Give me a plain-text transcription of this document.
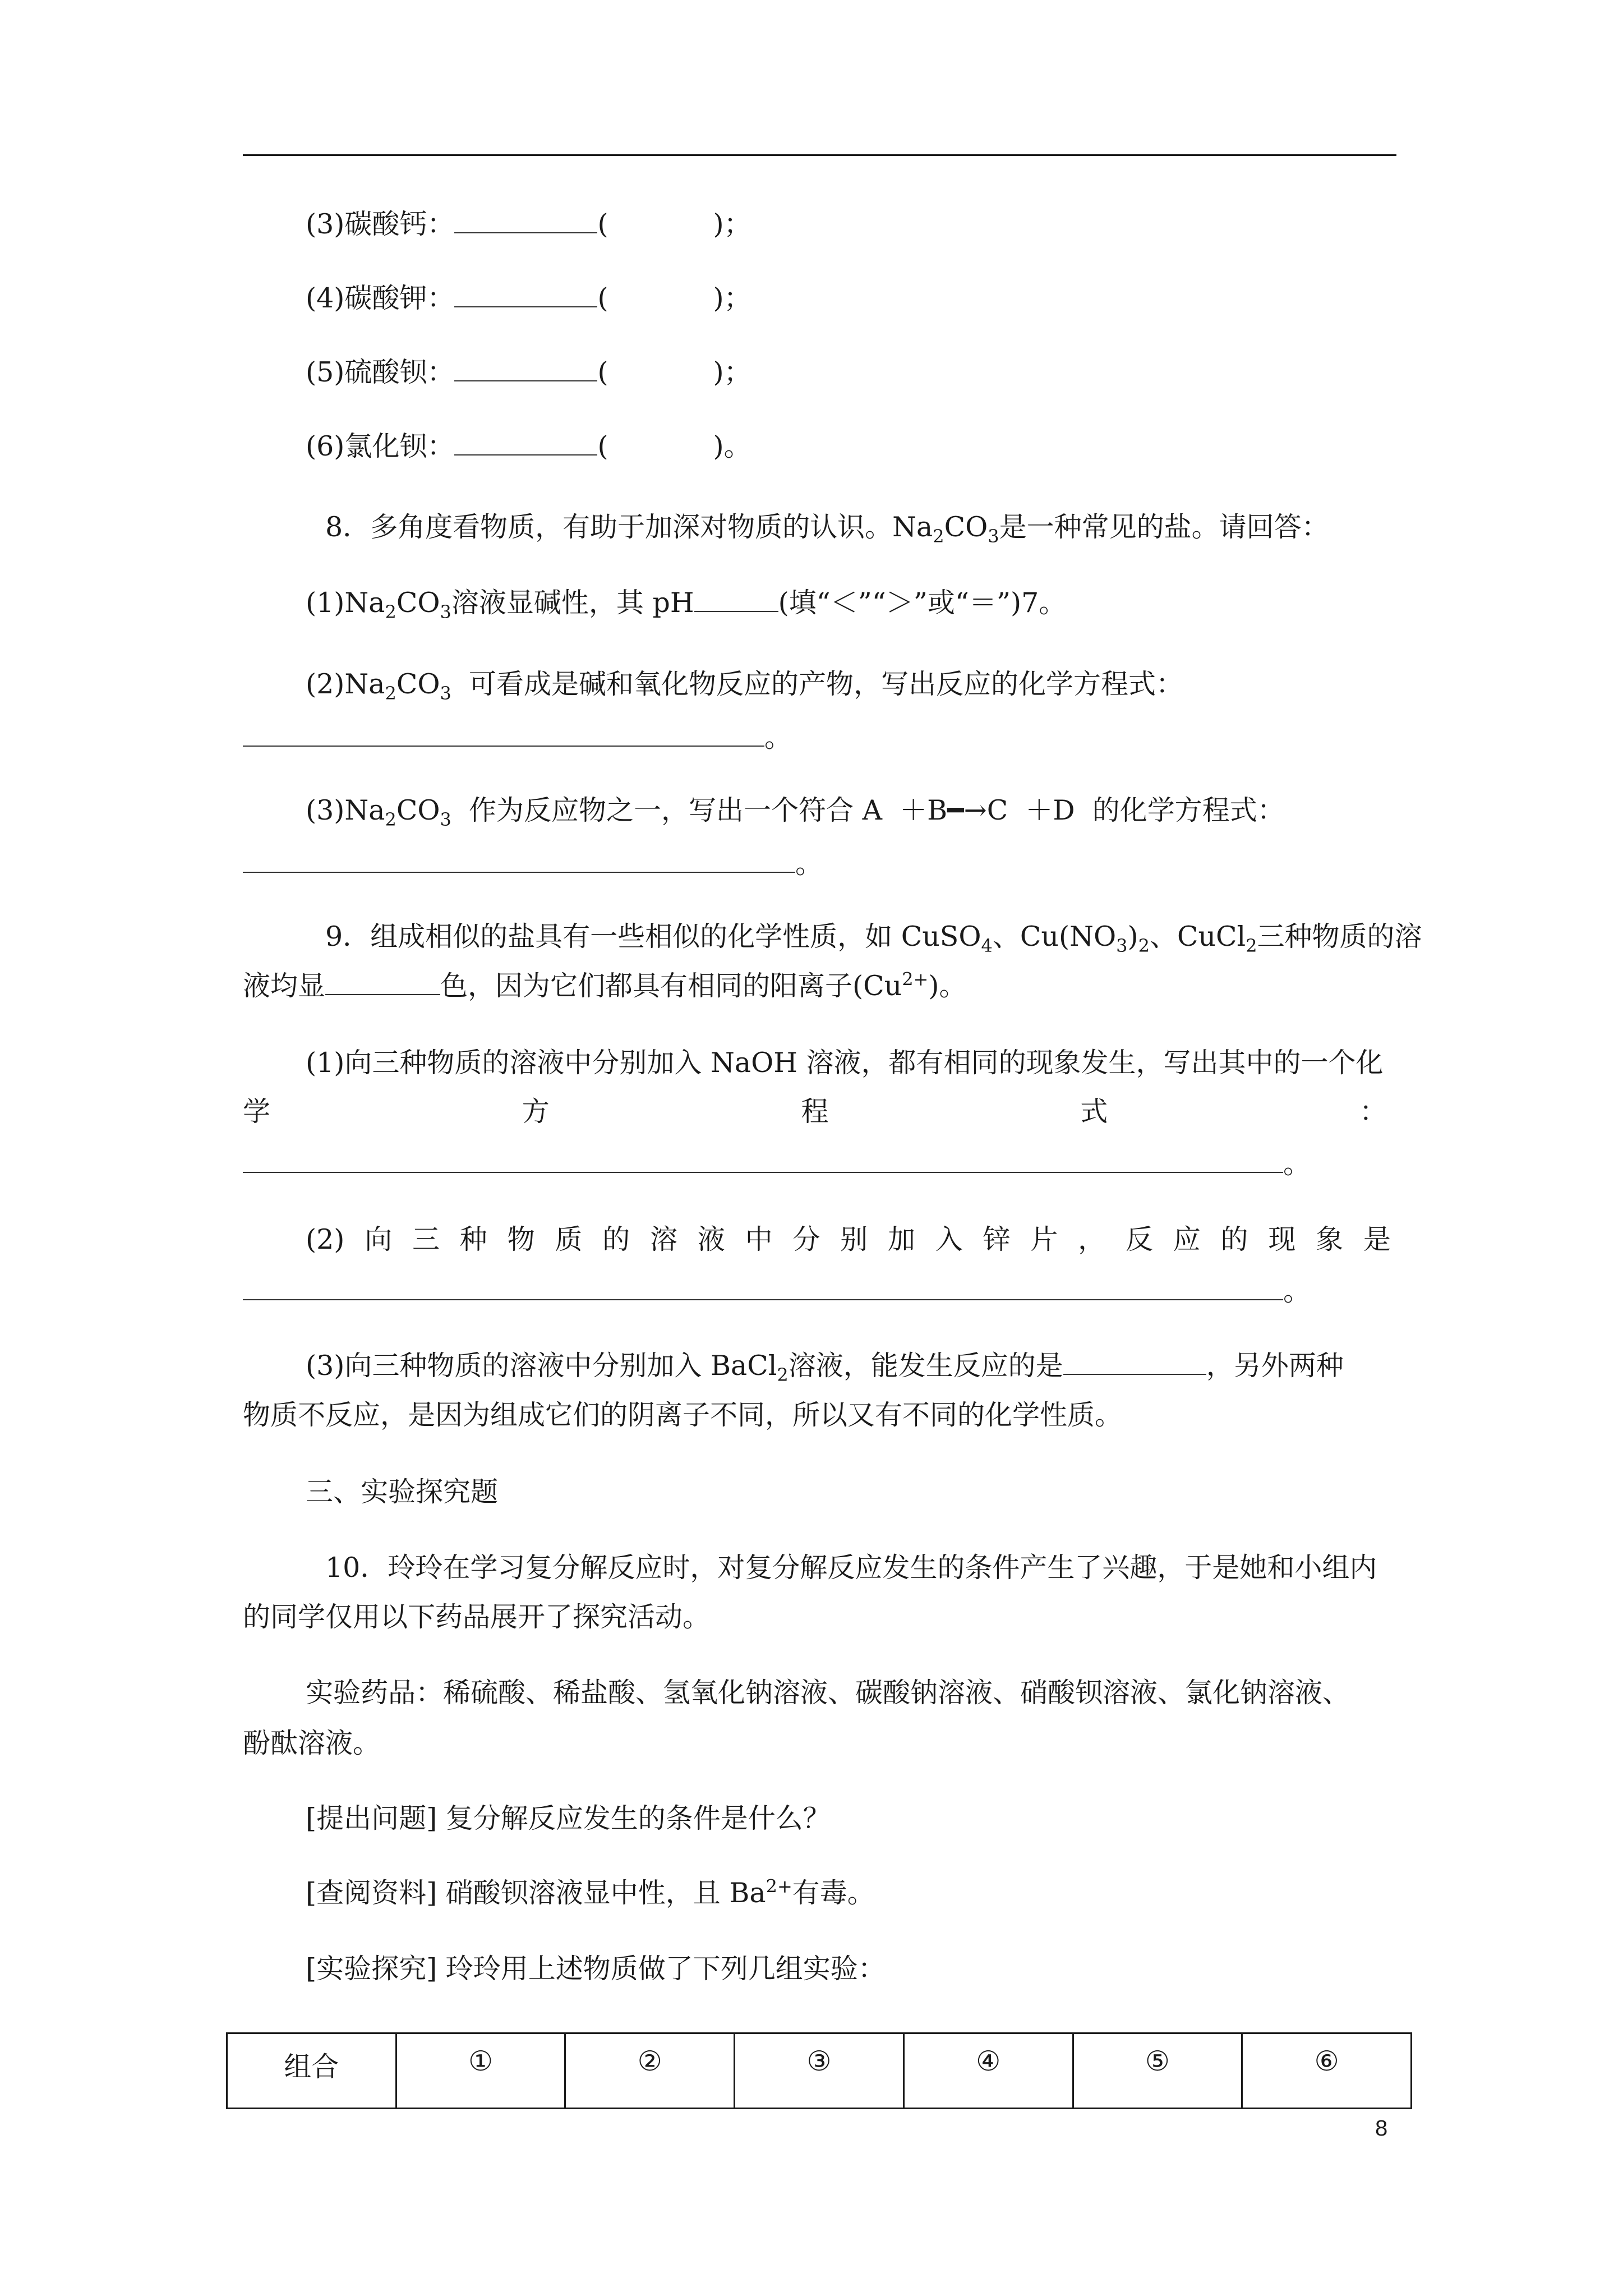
(3)碳酸钙：	(            )；
(4)碳酸钾：	(            )；
(5)硫酸钡：	(            )；
(6)氯化钡：	(            )。
8．多角度看物质，有助于加深对物质的认识。$Na_2CO_3$是一种常见的盐。请回答：
$(1)Na_2CO_3$溶液显碱性，其 pH	(填“＜”“＞”或“＝”)7。
$(2)Na_2CO_3$  可看成是碱和氧化物反应的产物，写出反应的化学方程式：
。
$(3)Na_2CO_3$  作为反应物之一，写出一个符合 A  ＋B━→C  ＋D  的化学方程式：
。
9．组成相似的盐具有一些相似的化学性质，如 CuSO$_4$、$Cu(NO_3)_2$、CuCl$_2$三种物质的溶
液均显	色，因为它们都具有相同的阳离子$(Cu^{2+})$。
(1)向三种物质的溶液中分别加入 NaOH 溶液，都有相同的现象发生，写出其中的一个化
学	方	程	式	：
。
(2) 向 三 种 物 质 的 溶 液 中 分 别 加 入 锌 片 ， 反 应 的 现 象 是
。
(3)向三种物质的溶液中分别加入 BaCl$_2$溶液，能发生反应的是	，另外两种
物质不反应，是因为组成它们的阴离子不同，所以又有不同的化学性质。
三、实验探究题
10．玲玲在学习复分解反应时，对复分解反应发生的条件产生了兴趣，于是她和小组内
的同学仅用以下药品展开了探究活动。
实验药品：稀硫酸、稀盐酸、氢氧化钠溶液、碳酸钠溶液、硝酸钡溶液、氯化钠溶液、
酚酞溶液。
[提出问题] 复分解反应发生的条件是什么？
[查阅资料] 硝酸钡溶液显中性，且 $Ba^{2+}$有毒。
[实验探究] 玲玲用上述物质做了下列几组实验：
组合	①	②	③	④	⑤	⑥
8
